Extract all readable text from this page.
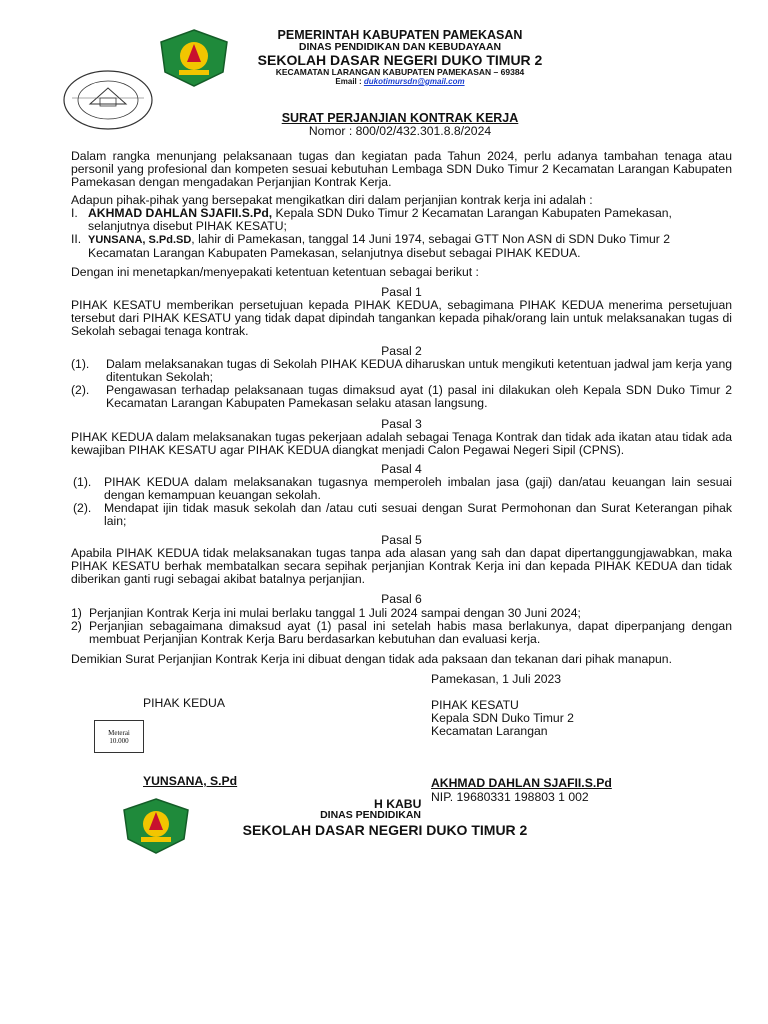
PEMERINTAH KABUPATEN PAMEKASAN
DINAS PENDIDIKAN DAN KEBUDAYAAN
SEKOLAH DASAR NEGERI DUKO TIMUR 2
KECAMATAN LARANGAN KABUPATEN PAMEKASAN – 69384
Email : dukotimursdn@gmail.com
SURAT PERJANJIAN KONTRAK KERJA
Nomor : 800/02/432.301.8.8/2024
Dalam rangka menunjang pelaksanaan tugas dan kegiatan pada Tahun 2024, perlu adanya tambahan tenaga atau personil yang profesional dan kompeten sesuai kebutuhan Lembaga SDN Duko Timur 2 Kecamatan Larangan Kabupaten Pamekasan dengan mengadakan Perjanjian Kontrak Kerja.
Adapun pihak-pihak yang bersepakat mengikatkan diri dalam perjanjian kontrak kerja ini adalah :
I. AKHMAD DAHLAN SJAFII.S.Pd, Kepala SDN Duko Timur 2 Kecamatan Larangan Kabupaten Pamekasan,
selanjutnya disebut PIHAK KESATU;
II. YUNSANA, S.Pd.SD, lahir di Pamekasan, tanggal 14 Juni 1974, sebagai GTT Non ASN di SDN Duko Timur 2
Kecamatan Larangan Kabupaten Pamekasan, selanjutnya disebut sebagai PIHAK KEDUA.
Dengan ini menetapkan/menyepakati ketentuan ketentuan sebagai berikut :
Pasal 1
PIHAK KESATU memberikan persetujuan kepada PIHAK KEDUA, sebagimana PIHAK KEDUA menerima persetujuan tersebut dari PIHAK KESATU yang tidak dapat dipindah tangankan kepada pihak/orang lain untuk melaksanakan tugas di Sekolah sebagai tenaga kontrak.
Pasal 2
(1). Dalam melaksanakan tugas di Sekolah PIHAK KEDUA diharuskan untuk mengikuti ketentuan jadwal jam kerja yang ditentukan Sekolah;
(2). Pengawasan terhadap pelaksanaan tugas dimaksud ayat (1) pasal ini dilakukan oleh Kepala SDN Duko Timur 2 Kecamatan Larangan Kabupaten Pamekasan selaku atasan langsung.
Pasal 3
PIHAK KEDUA dalam melaksanakan tugas pekerjaan adalah sebagai Tenaga Kontrak dan tidak ada ikatan atau tidak ada kewajiban PIHAK KESATU agar PIHAK KEDUA diangkat menjadi Calon Pegawai Negeri Sipil (CPNS).
Pasal 4
(1). PIHAK KEDUA dalam melaksanakan tugasnya memperoleh imbalan jasa (gaji) dan/atau keuangan lain sesuai dengan kemampuan keuangan sekolah.
(2). Mendapat ijin tidak masuk sekolah dan /atau cuti sesuai dengan Surat Permohonan dan Surat Keterangan pihak lain;
Pasal 5
Apabila PIHAK KEDUA tidak melaksanakan tugas tanpa ada alasan yang sah dan dapat dipertanggungjawabkan, maka PIHAK KESATU berhak membatalkan secara sepihak perjanjian Kontrak Kerja ini dan kepada PIHAK KEDUA dan tidak diberikan ganti rugi sebagai akibat batalnya perjanjian.
Pasal 6
1) Perjanjian Kontrak Kerja ini mulai berlaku tanggal 1 Juli 2024 sampai dengan 30 Juni 2024;
2) Perjanjian sebagaimana dimaksud ayat (1) pasal ini setelah habis masa berlakunya, dapat diperpanjang dengan membuat Perjanjian Kontrak Kerja Baru berdasarkan kebutuhan dan evaluasi kerja.
Demikian Surat Perjanjian Kontrak Kerja ini dibuat dengan tidak ada paksaan dan tekanan dari pihak manapun.
Pamekasan, 1 Juli 2023
PIHAK KEDUA
Meterai
10.000
YUNSANA, S.Pd
PIHAK KESATU
Kepala SDN Duko Timur 2
Kecamatan Larangan
AKHMAD DAHLAN SJAFII.S.Pd
NIP. 19680331 198803 1 002
H KABU
DINAS PENDIDIKAN
SEKOLAH DASAR NEGERI DUKO TIMUR 2
